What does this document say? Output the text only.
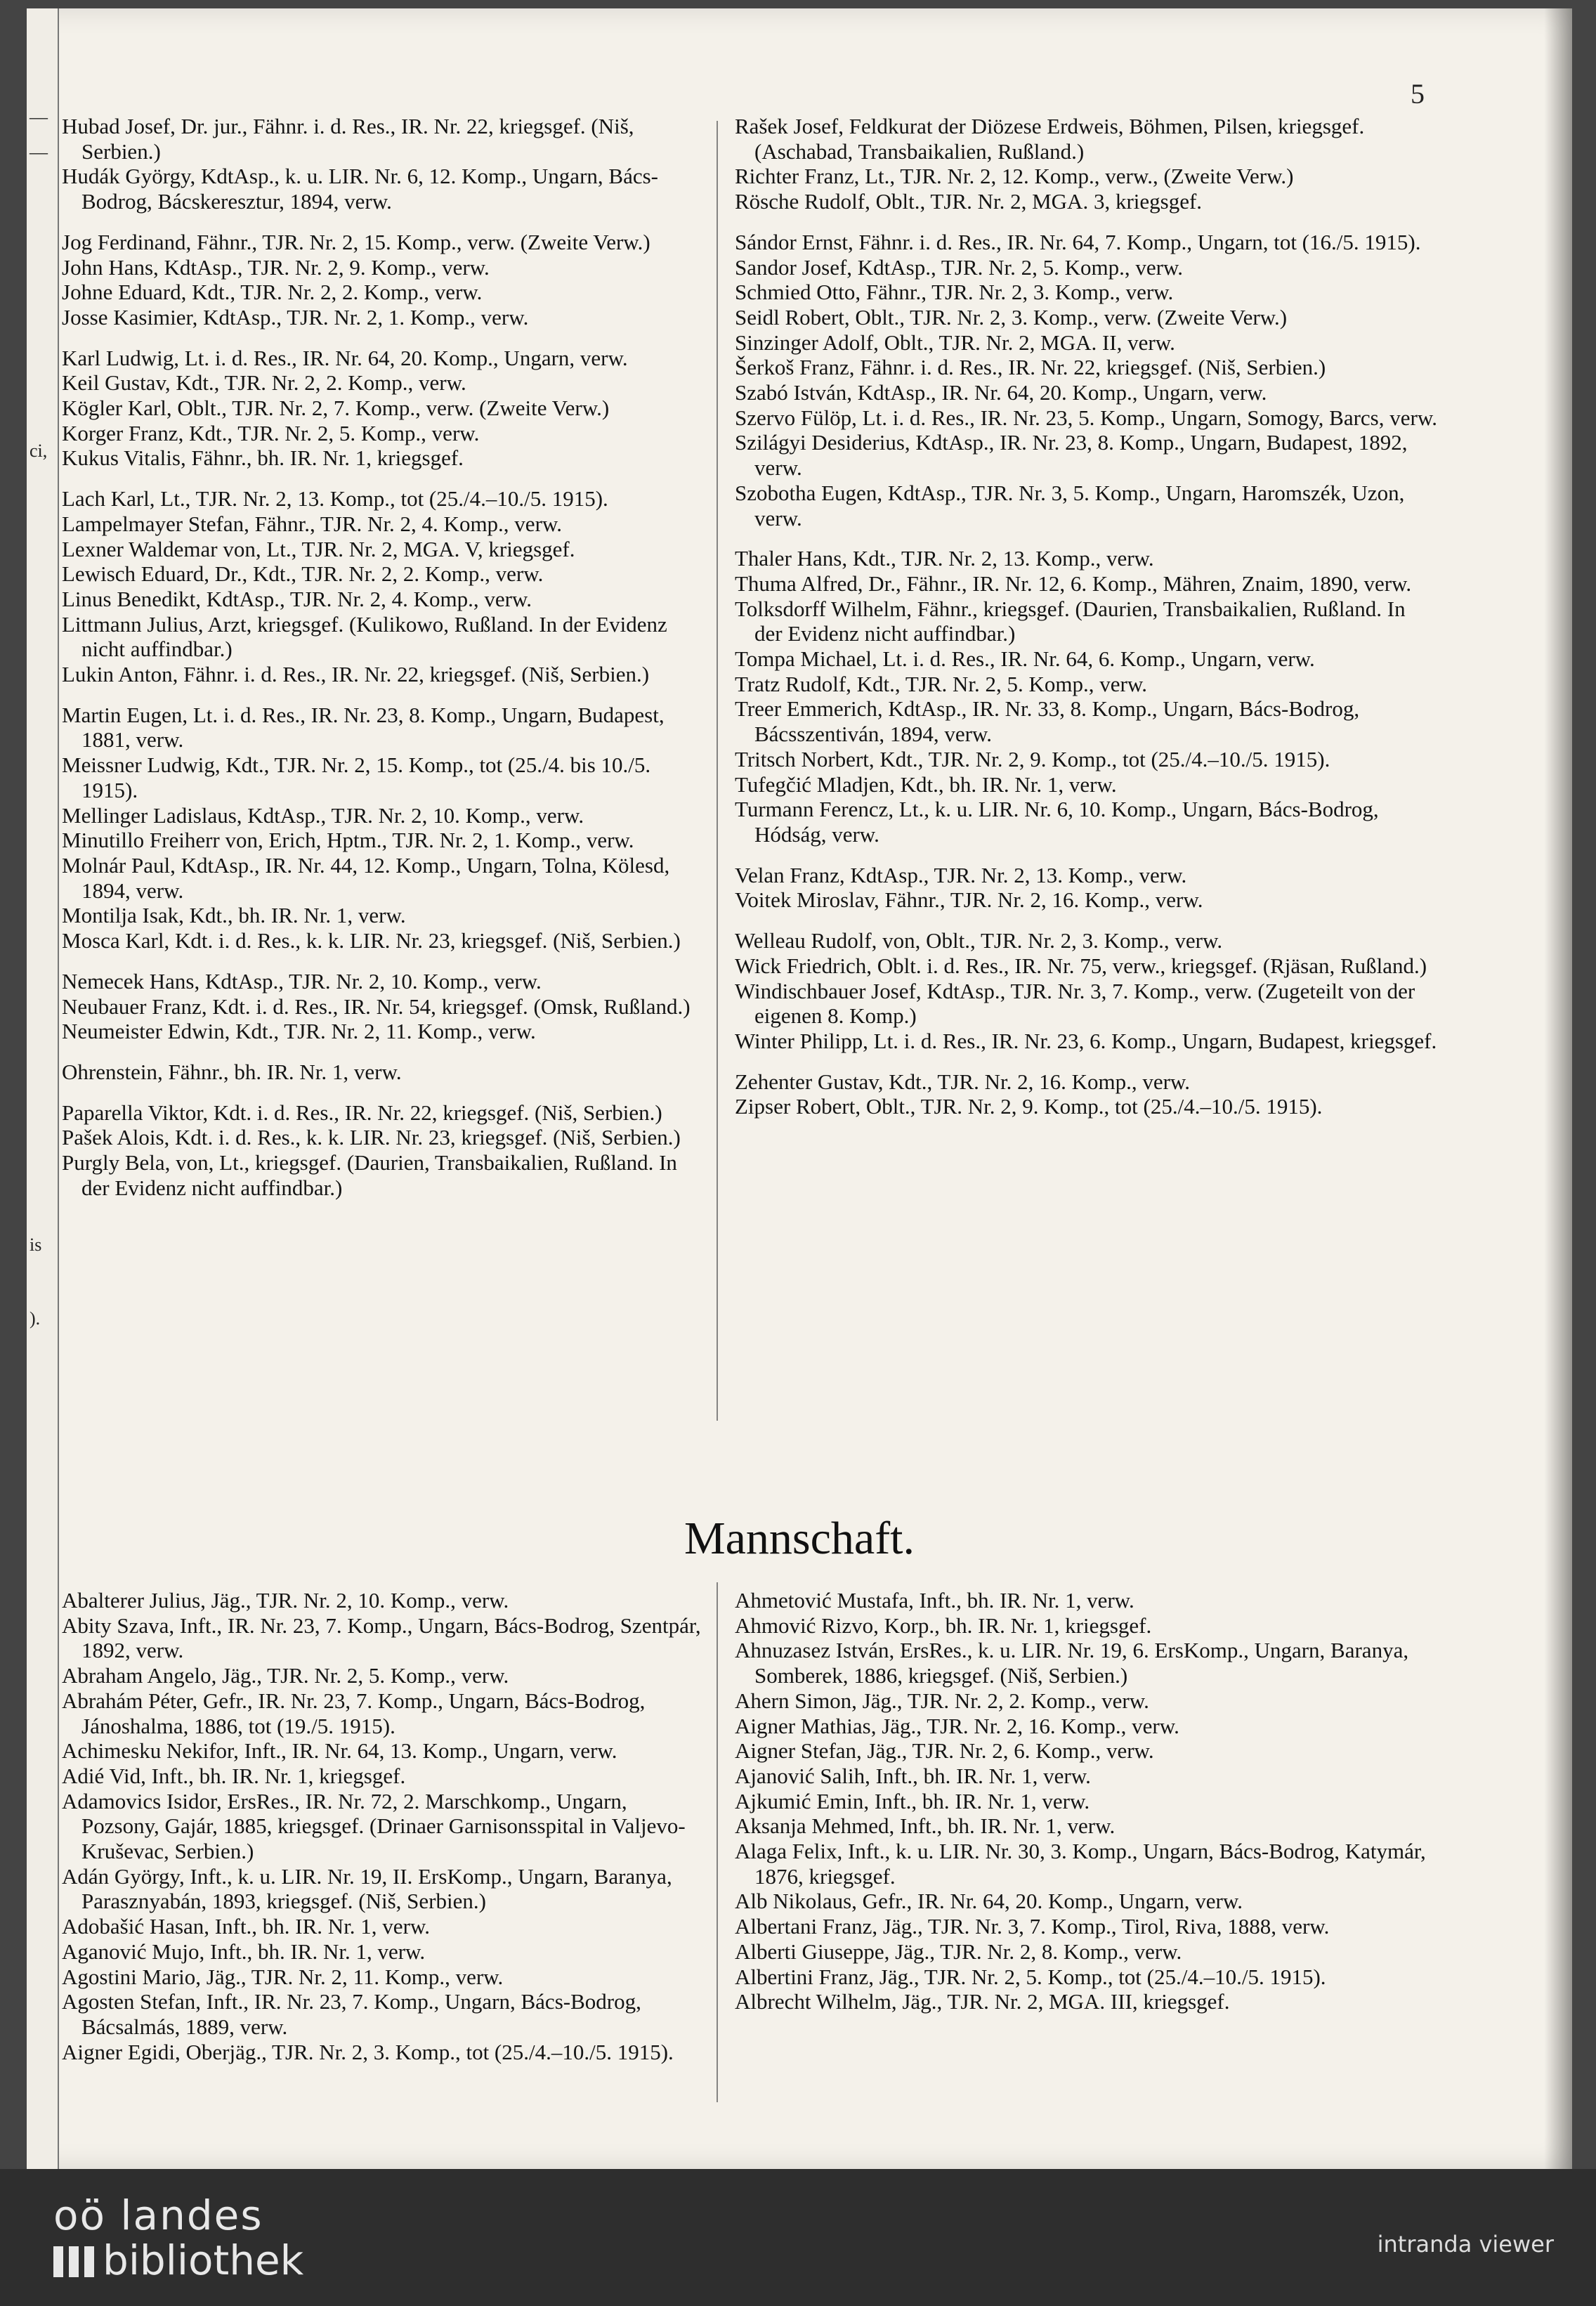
—
—
ci,
is
).
5

Hubad Josef, Dr. jur., Fähnr. i. d. Res., IR. Nr. 22, kriegsgef. (Niš, Serbien.)

Hudák György, KdtAsp., k. u. LIR. Nr. 6, 12. Komp., Ungarn, Bács-Bodrog, Bácskeresztur, 1894, verw.

Jog Ferdinand, Fähnr., TJR. Nr. 2, 15. Komp., verw. (Zweite Verw.)

John Hans, KdtAsp., TJR. Nr. 2, 9. Komp., verw.

Johne Eduard, Kdt., TJR. Nr. 2, 2. Komp., verw.

Josse Kasimier, KdtAsp., TJR. Nr. 2, 1. Komp., verw.

Karl Ludwig, Lt. i. d. Res., IR. Nr. 64, 20. Komp., Ungarn, verw.

Keil Gustav, Kdt., TJR. Nr. 2, 2. Komp., verw.

Kögler Karl, Oblt., TJR. Nr. 2, 7. Komp., verw. (Zweite Verw.)

Korger Franz, Kdt., TJR. Nr. 2, 5. Komp., verw.

Kukus Vitalis, Fähnr., bh. IR. Nr. 1, kriegsgef.

Lach Karl, Lt., TJR. Nr. 2, 13. Komp., tot (25./4.–10./5. 1915).

Lampelmayer Stefan, Fähnr., TJR. Nr. 2, 4. Komp., verw.

Lexner Waldemar von, Lt., TJR. Nr. 2, MGA. V, kriegsgef.

Lewisch Eduard, Dr., Kdt., TJR. Nr. 2, 2. Komp., verw.

Linus Benedikt, KdtAsp., TJR. Nr. 2, 4. Komp., verw.

Littmann Julius, Arzt, kriegsgef. (Kulikowo, Rußland. In der Evidenz nicht auffindbar.)

Lukin Anton, Fähnr. i. d. Res., IR. Nr. 22, kriegsgef. (Niš, Serbien.)

Martin Eugen, Lt. i. d. Res., IR. Nr. 23, 8. Komp., Ungarn, Budapest, 1881, verw.

Meissner Ludwig, Kdt., TJR. Nr. 2, 15. Komp., tot (25./4. bis 10./5. 1915).

Mellinger Ladislaus, KdtAsp., TJR. Nr. 2, 10. Komp., verw.

Minutillo Freiherr von, Erich, Hptm., TJR. Nr. 2, 1. Komp., verw.

Molnár Paul, KdtAsp., IR. Nr. 44, 12. Komp., Ungarn, Tolna, Kölesd, 1894, verw.

Montilja Isak, Kdt., bh. IR. Nr. 1, verw.

Mosca Karl, Kdt. i. d. Res., k. k. LIR. Nr. 23, kriegsgef. (Niš, Serbien.)

Nemecek Hans, KdtAsp., TJR. Nr. 2, 10. Komp., verw.

Neubauer Franz, Kdt. i. d. Res., IR. Nr. 54, kriegsgef. (Omsk, Rußland.)

Neumeister Edwin, Kdt., TJR. Nr. 2, 11. Komp., verw.

Ohrenstein, Fähnr., bh. IR. Nr. 1, verw.

Paparella Viktor, Kdt. i. d. Res., IR. Nr. 22, kriegsgef. (Niš, Serbien.)

Pašek Alois, Kdt. i. d. Res., k. k. LIR. Nr. 23, kriegsgef. (Niš, Serbien.)

Purgly Bela, von, Lt., kriegsgef. (Daurien, Transbaikalien, Rußland. In der Evidenz nicht auffindbar.)

Rašek Josef, Feldkurat der Diözese Erdweis, Böhmen, Pilsen, kriegsgef. (Aschabad, Transbaikalien, Rußland.)

Richter Franz, Lt., TJR. Nr. 2, 12. Komp., verw., (Zweite Verw.)

Rösche Rudolf, Oblt., TJR. Nr. 2, MGA. 3, kriegsgef.

Sándor Ernst, Fähnr. i. d. Res., IR. Nr. 64, 7. Komp., Ungarn, tot (16./5. 1915).

Sandor Josef, KdtAsp., TJR. Nr. 2, 5. Komp., verw.

Schmied Otto, Fähnr., TJR. Nr. 2, 3. Komp., verw.

Seidl Robert, Oblt., TJR. Nr. 2, 3. Komp., verw. (Zweite Verw.)

Sinzinger Adolf, Oblt., TJR. Nr. 2, MGA. II, verw.

Šerkoš Franz, Fähnr. i. d. Res., IR. Nr. 22, kriegsgef. (Niš, Serbien.)

Szabó István, KdtAsp., IR. Nr. 64, 20. Komp., Ungarn, verw.

Szervo Fülöp, Lt. i. d. Res., IR. Nr. 23, 5. Komp., Ungarn, Somogy, Barcs, verw.

Szilágyi Desiderius, KdtAsp., IR. Nr. 23, 8. Komp., Ungarn, Budapest, 1892, verw.

Szobotha Eugen, KdtAsp., TJR. Nr. 3, 5. Komp., Ungarn, Haromszék, Uzon, verw.

Thaler Hans, Kdt., TJR. Nr. 2, 13. Komp., verw.

Thuma Alfred, Dr., Fähnr., IR. Nr. 12, 6. Komp., Mähren, Znaim, 1890, verw.

Tolksdorff Wilhelm, Fähnr., kriegsgef. (Daurien, Transbaikalien, Rußland. In der Evidenz nicht auffindbar.)

Tompa Michael, Lt. i. d. Res., IR. Nr. 64, 6. Komp., Ungarn, verw.

Tratz Rudolf, Kdt., TJR. Nr. 2, 5. Komp., verw.

Treer Emmerich, KdtAsp., IR. Nr. 33, 8. Komp., Ungarn, Bács-Bodrog, Bácsszentiván, 1894, verw.

Tritsch Norbert, Kdt., TJR. Nr. 2, 9. Komp., tot (25./4.–10./5. 1915).

Tufegčić Mladjen, Kdt., bh. IR. Nr. 1, verw.

Turmann Ferencz, Lt., k. u. LIR. Nr. 6, 10. Komp., Ungarn, Bács-Bodrog, Hódság, verw.

Velan Franz, KdtAsp., TJR. Nr. 2, 13. Komp., verw.

Voitek Miroslav, Fähnr., TJR. Nr. 2, 16. Komp., verw.

Welleau Rudolf, von, Oblt., TJR. Nr. 2, 3. Komp., verw.

Wick Friedrich, Oblt. i. d. Res., IR. Nr. 75, verw., kriegsgef. (Rjäsan, Rußland.)

Windischbauer Josef, KdtAsp., TJR. Nr. 3, 7. Komp., verw. (Zugeteilt von der eigenen 8. Komp.)

Winter Philipp, Lt. i. d. Res., IR. Nr. 23, 6. Komp., Ungarn, Budapest, kriegsgef.

Zehenter Gustav, Kdt., TJR. Nr. 2, 16. Komp., verw.

Zipser Robert, Oblt., TJR. Nr. 2, 9. Komp., tot (25./4.–10./5. 1915).

Mannschaft.

Abalterer Julius, Jäg., TJR. Nr. 2, 10. Komp., verw.

Abity Szava, Inft., IR. Nr. 23, 7. Komp., Ungarn, Bács-Bodrog, Szentpár, 1892, verw.

Abraham Angelo, Jäg., TJR. Nr. 2, 5. Komp., verw.

Abrahám Péter, Gefr., IR. Nr. 23, 7. Komp., Ungarn, Bács-Bodrog, Jánoshalma, 1886, tot (19./5. 1915).

Achimesku Nekifor, Inft., IR. Nr. 64, 13. Komp., Ungarn, verw.

Adié Vid, Inft., bh. IR. Nr. 1, kriegsgef.

Adamovics Isidor, ErsRes., IR. Nr. 72, 2. Marschkomp., Ungarn, Pozsony, Gajár, 1885, kriegsgef. (Drinaer Garnisonsspital in Valjevo-Kruševac, Serbien.)

Adán György, Inft., k. u. LIR. Nr. 19, II. ErsKomp., Ungarn, Baranya, Parasznyabán, 1893, kriegsgef. (Niš, Serbien.)

Adobašić Hasan, Inft., bh. IR. Nr. 1, verw.

Aganović Mujo, Inft., bh. IR. Nr. 1, verw.

Agostini Mario, Jäg., TJR. Nr. 2, 11. Komp., verw.

Agosten Stefan, Inft., IR. Nr. 23, 7. Komp., Ungarn, Bács-Bodrog, Bácsalmás, 1889, verw.

Aigner Egidi, Oberjäg., TJR. Nr. 2, 3. Komp., tot (25./4.–10./5. 1915).

Ahmetović Mustafa, Inft., bh. IR. Nr. 1, verw.

Ahmović Rizvo, Korp., bh. IR. Nr. 1, kriegsgef.

Ahnuzasez István, ErsRes., k. u. LIR. Nr. 19, 6. ErsKomp., Ungarn, Baranya, Somberek, 1886, kriegsgef. (Niš, Serbien.)

Ahern Simon, Jäg., TJR. Nr. 2, 2. Komp., verw.

Aigner Mathias, Jäg., TJR. Nr. 2, 16. Komp., verw.

Aigner Stefan, Jäg., TJR. Nr. 2, 6. Komp., verw.

Ajanović Salih, Inft., bh. IR. Nr. 1, verw.

Ajkumić Emin, Inft., bh. IR. Nr. 1, verw.

Aksanja Mehmed, Inft., bh. IR. Nr. 1, verw.

Alaga Felix, Inft., k. u. LIR. Nr. 30, 3. Komp., Ungarn, Bács-Bodrog, Katymár, 1876, kriegsgef.

Alb Nikolaus, Gefr., IR. Nr. 64, 20. Komp., Ungarn, verw.

Albertani Franz, Jäg., TJR. Nr. 3, 7. Komp., Tirol, Riva, 1888, verw.

Alberti Giuseppe, Jäg., TJR. Nr. 2, 8. Komp., verw.

Albertini Franz, Jäg., TJR. Nr. 2, 5. Komp., tot (25./4.–10./5. 1915).

Albrecht Wilhelm, Jäg., TJR. Nr. 2, MGA. III, kriegsgef.

oö landes
bibliothek	intranda viewer
